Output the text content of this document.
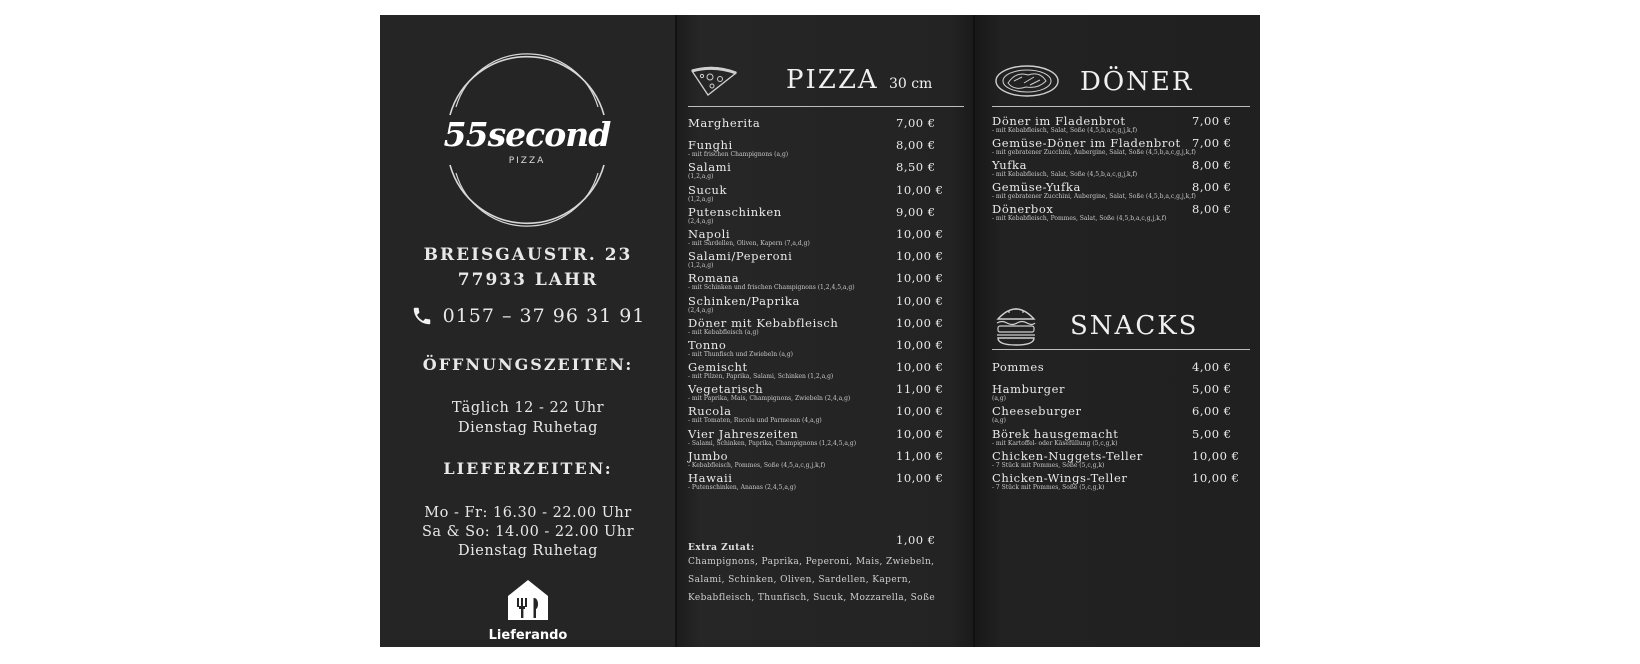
55second
PIZZA
BREISGAUSTR. 23
77933 LAHR
0157 – 37 96 31 91
ÖFFNUNGSZEITEN:
Täglich 12 - 22 Uhr
Dienstag Ruhetag
LIEFERZEITEN:
Mo - Fr: 16.30 - 22.00 Uhr
Sa & So: 14.00 - 22.00 Uhr
Dienstag Ruhetag
Lieferando
PIZZA 30 cm
Margherita	7,00 €
Funghi
- mit frischen Champignons (a,g)
8,00 €
Salami
(1,2,a,g)
8,50 €
Sucuk
(1,2,a,g)
10,00 €
Putenschinken
(2,4,a,g)
9,00 €
Napoli
- mit Sardellen, Oliven, Kapern (7,a,d,g)
10,00 €
Salami/Peperoni
(1,2,a,g)
10,00 €
Romana
- mit Schinken und frischen Champignons (1,2,4,5,a,g)
10,00 €
Schinken/Paprika
(2,4,a,g)
10,00 €
Döner mit Kebabfleisch
- mit Kebabfleisch (a,g)
10,00 €
Tonno
- mit Thunfisch und Zwiebeln (a,g)
10,00 €
Gemischt
- mit Pilzen, Paprika, Salami, Schinken (1,2,a,g)
10,00 €
Vegetarisch
- mit Paprika, Mais, Champignons, Zwiebeln (2,4,a,g)
11,00 €
Rucola
- mit Tomaten, Rucola und Parmesan (4,a,g)
10,00 €
Vier Jahreszeiten
- Salami, Schinken, Paprika, Champignons (1,2,4,5,a,g)
10,00 €
Jumbo
- Kebabfleisch, Pommes, Soße (4,5,a,c,g,j,k,f)
11,00 €
Hawaii
- Putenschinken, Ananas (2,4,5,a,g)
10,00 €
Extra Zutat:
1,00 €
Champignons, Paprika, Peperoni, Mais, Zwiebeln,
Salami, Schinken, Oliven, Sardellen, Kapern,
Kebabfleisch, Thunfisch, Sucuk, Mozzarella, Soße
DÖNER
Döner im Fladenbrot
- mit Kebabfleisch, Salat, Soße (4,5,b,a,c,g,j,k,f)
7,00 €
Gemüse-Döner im Fladenbrot
- mit gebratener Zucchini, Aubergine, Salat, Soße (4,5,b,a,c,g,j,k,f)
7,00 €
Yufka
- mit Kebabfleisch, Salat, Soße (4,5,b,a,c,g,j,k,f)
8,00 €
Gemüse-Yufka
- mit gebratener Zucchini, Aubergine, Salat, Soße (4,5,b,a,c,g,j,k,f)
8,00 €
Dönerbox
- mit Kebabfleisch, Pommes, Salat, Soße (4,5,b,a,c,g,j,k,f)
8,00 €
SNACKS
Pommes	4,00 €
Hamburger
(a,g)
5,00 €
Cheeseburger
(a,g)
6,00 €
Börek hausgemacht
- mit Kartoffel- oder Käsefüllung (5,c,g,k)
5,00 €
Chicken-Nuggets-Teller
- 7 Stück mit Pommes, Soße (5,c,g,k)
10,00 €
Chicken-Wings-Teller
- 7 Stück mit Pommes, Soße (5,c,g,k)
10,00 €
